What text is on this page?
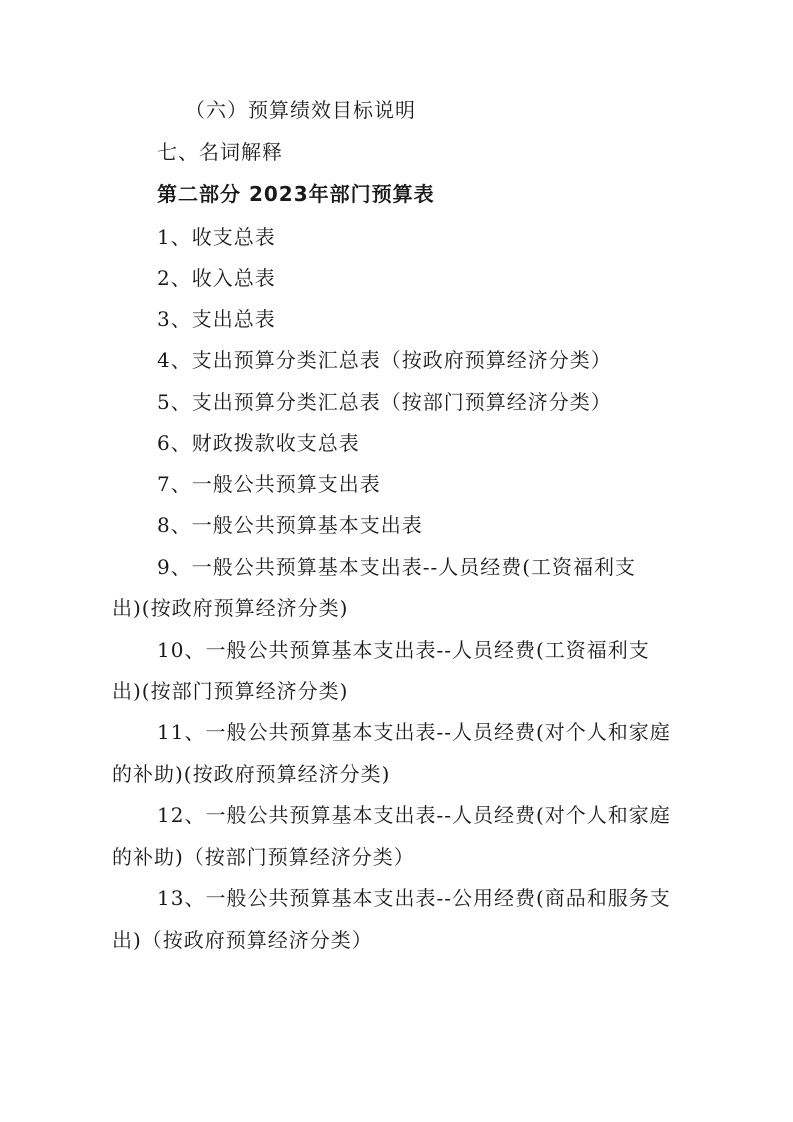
（六）预算绩效目标说明
七、名词解释
第二部分 2023年部门预算表
1、收支总表
2、收入总表
3、支出总表
4、支出预算分类汇总表（按政府预算经济分类）
5、支出预算分类汇总表（按部门预算经济分类）
6、财政拨款收支总表
7、一般公共预算支出表
8、一般公共预算基本支出表
9、一般公共预算基本支出表--人员经费(工资福利支
出)(按政府预算经济分类)
10、一般公共预算基本支出表--人员经费(工资福利支
出)(按部门预算经济分类)
11、一般公共预算基本支出表--人员经费(对个人和家庭
的补助)(按政府预算经济分类)
12、一般公共预算基本支出表--人员经费(对个人和家庭
的补助)（按部门预算经济分类）
13、一般公共预算基本支出表--公用经费(商品和服务支
出)（按政府预算经济分类）
